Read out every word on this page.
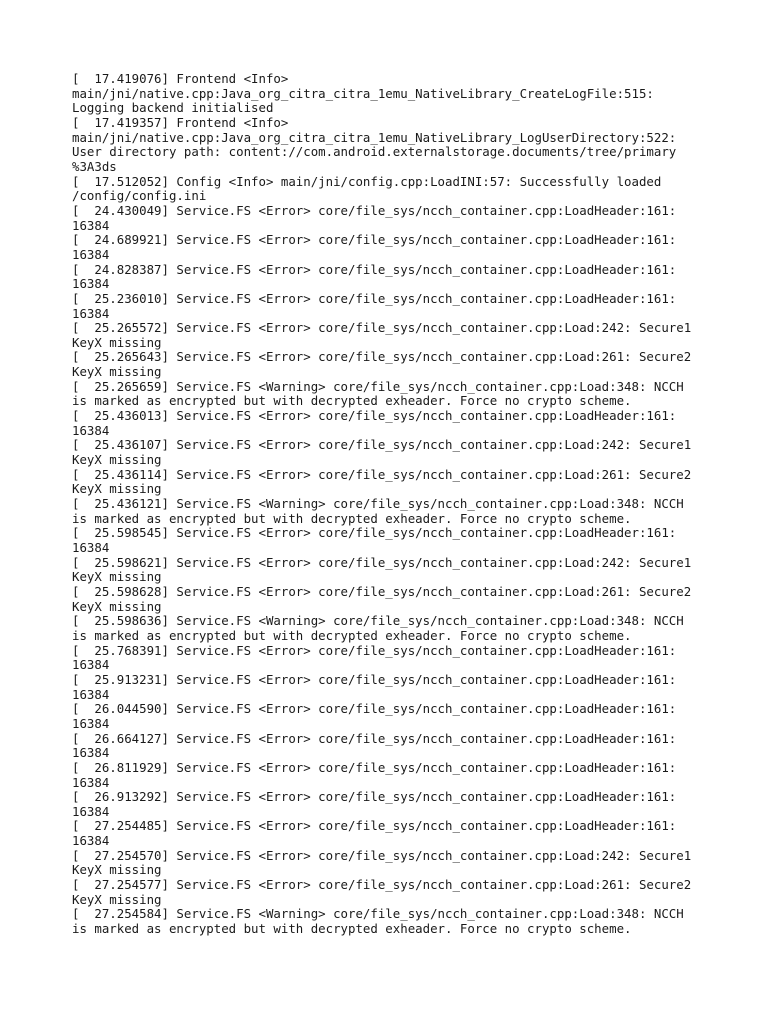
[  17.419076] Frontend <Info>
main/jni/native.cpp:Java_org_citra_citra_1emu_NativeLibrary_CreateLogFile:515:
Logging backend initialised
[  17.419357] Frontend <Info>
main/jni/native.cpp:Java_org_citra_citra_1emu_NativeLibrary_LogUserDirectory:522:
User directory path: content://com.android.externalstorage.documents/tree/primary
%3A3ds
[  17.512052] Config <Info> main/jni/config.cpp:LoadINI:57: Successfully loaded
/config/config.ini
[  24.430049] Service.FS <Error> core/file_sys/ncch_container.cpp:LoadHeader:161:
16384
[  24.689921] Service.FS <Error> core/file_sys/ncch_container.cpp:LoadHeader:161:
16384
[  24.828387] Service.FS <Error> core/file_sys/ncch_container.cpp:LoadHeader:161:
16384
[  25.236010] Service.FS <Error> core/file_sys/ncch_container.cpp:LoadHeader:161:
16384
[  25.265572] Service.FS <Error> core/file_sys/ncch_container.cpp:Load:242: Secure1
KeyX missing
[  25.265643] Service.FS <Error> core/file_sys/ncch_container.cpp:Load:261: Secure2
KeyX missing
[  25.265659] Service.FS <Warning> core/file_sys/ncch_container.cpp:Load:348: NCCH
is marked as encrypted but with decrypted exheader. Force no crypto scheme.
[  25.436013] Service.FS <Error> core/file_sys/ncch_container.cpp:LoadHeader:161:
16384
[  25.436107] Service.FS <Error> core/file_sys/ncch_container.cpp:Load:242: Secure1
KeyX missing
[  25.436114] Service.FS <Error> core/file_sys/ncch_container.cpp:Load:261: Secure2
KeyX missing
[  25.436121] Service.FS <Warning> core/file_sys/ncch_container.cpp:Load:348: NCCH
is marked as encrypted but with decrypted exheader. Force no crypto scheme.
[  25.598545] Service.FS <Error> core/file_sys/ncch_container.cpp:LoadHeader:161:
16384
[  25.598621] Service.FS <Error> core/file_sys/ncch_container.cpp:Load:242: Secure1
KeyX missing
[  25.598628] Service.FS <Error> core/file_sys/ncch_container.cpp:Load:261: Secure2
KeyX missing
[  25.598636] Service.FS <Warning> core/file_sys/ncch_container.cpp:Load:348: NCCH
is marked as encrypted but with decrypted exheader. Force no crypto scheme.
[  25.768391] Service.FS <Error> core/file_sys/ncch_container.cpp:LoadHeader:161:
16384
[  25.913231] Service.FS <Error> core/file_sys/ncch_container.cpp:LoadHeader:161:
16384
[  26.044590] Service.FS <Error> core/file_sys/ncch_container.cpp:LoadHeader:161:
16384
[  26.664127] Service.FS <Error> core/file_sys/ncch_container.cpp:LoadHeader:161:
16384
[  26.811929] Service.FS <Error> core/file_sys/ncch_container.cpp:LoadHeader:161:
16384
[  26.913292] Service.FS <Error> core/file_sys/ncch_container.cpp:LoadHeader:161:
16384
[  27.254485] Service.FS <Error> core/file_sys/ncch_container.cpp:LoadHeader:161:
16384
[  27.254570] Service.FS <Error> core/file_sys/ncch_container.cpp:Load:242: Secure1
KeyX missing
[  27.254577] Service.FS <Error> core/file_sys/ncch_container.cpp:Load:261: Secure2
KeyX missing
[  27.254584] Service.FS <Warning> core/file_sys/ncch_container.cpp:Load:348: NCCH
is marked as encrypted but with decrypted exheader. Force no crypto scheme.
